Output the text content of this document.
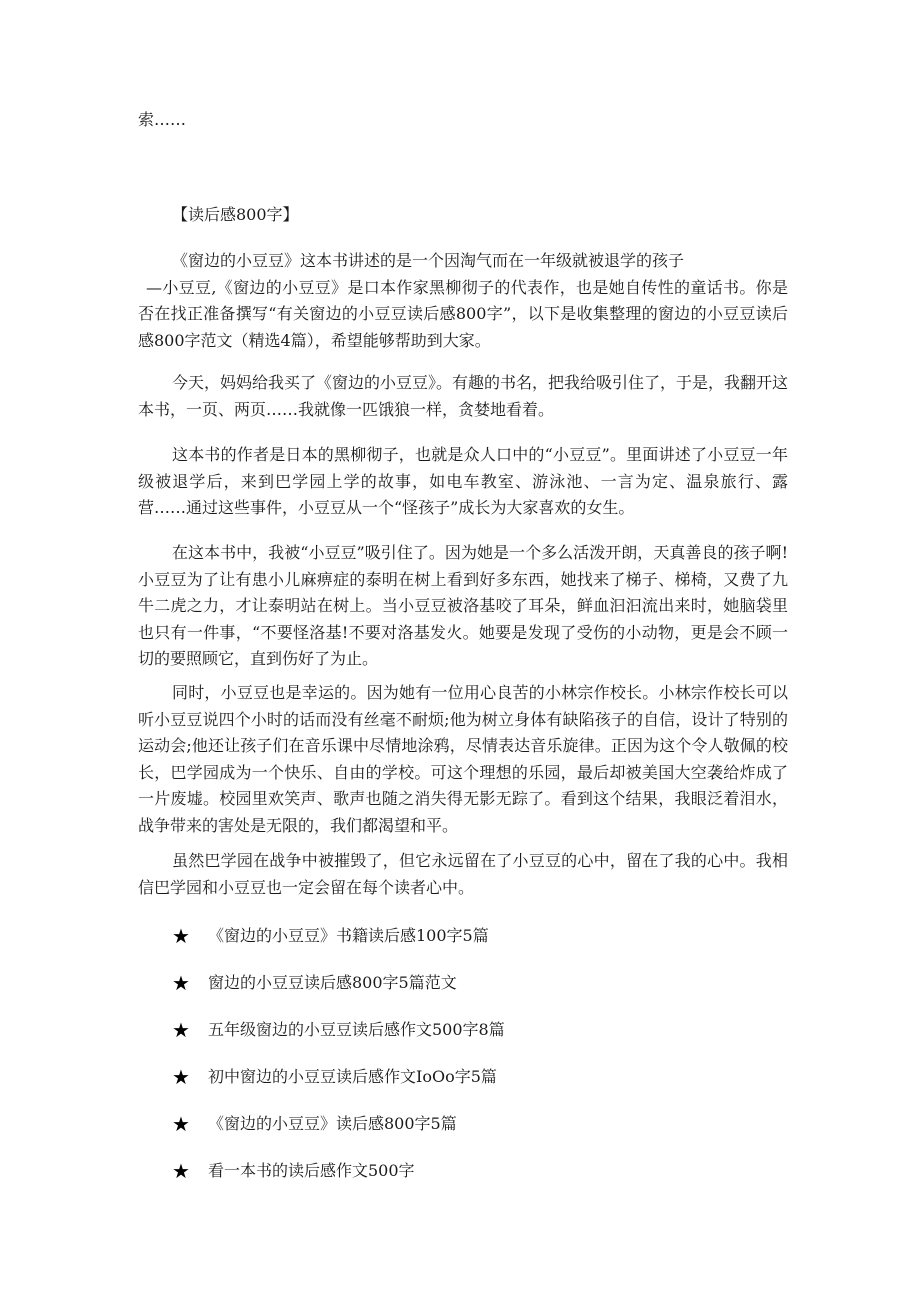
索……
【读后感800字】
《窗边的小豆豆》这本书讲述的是一个因淘气而在一年级就被退学的孩子
—小豆豆,《窗边的小豆豆》是口本作家黑柳彻子的代表作，也是她自传性的童话书。你是否在找正准备撰写“有关窗边的小豆豆读后感800字”，以下是收集整理的窗边的小豆豆读后感800字范文（精选4篇），希望能够帮助到大家。

今天，妈妈给我买了《窗边的小豆豆》。有趣的书名，把我给吸引住了，于是，我翻开这本书，一页、两页……我就像一匹饿狼一样，贪婪地看着。

这本书的作者是日本的黑柳彻子，也就是众人口中的“小豆豆”。里面讲述了小豆豆一年级被退学后，来到巴学园上学的故事，如电车教室、游泳池、一言为定、温泉旅行、露营……通过这些事件，小豆豆从一个“怪孩子”成长为大家喜欢的女生。

在这本书中，我被“小豆豆”吸引住了。因为她是一个多么活泼开朗，天真善良的孩子啊!小豆豆为了让有患小儿麻痹症的泰明在树上看到好多东西，她找来了梯子、梯椅，又费了九牛二虎之力，才让泰明站在树上。当小豆豆被洛基咬了耳朵，鲜血汩汩流出来时，她脑袋里也只有一件事，“不要怪洛基!不要对洛基发火。她要是发现了受伤的小动物，更是会不顾一切的要照顾它，直到伤好了为止。

同时，小豆豆也是幸运的。因为她有一位用心良苦的小林宗作校长。小林宗作校长可以听小豆豆说四个小时的话而没有丝毫不耐烦;他为树立身体有缺陷孩子的自信，设计了特别的运动会;他还让孩子们在音乐课中尽情地涂鸦，尽情表达音乐旋律。正因为这个令人敬佩的校长，巴学园成为一个快乐、自由的学校。可这个理想的乐园，最后却被美国大空袭给炸成了一片废墟。校园里欢笑声、歌声也随之消失得无影无踪了。看到这个结果，我眼泛着泪水，战争带来的害处是无限的，我们都渴望和平。

虽然巴学园在战争中被摧毁了，但它永远留在了小豆豆的心中，留在了我的心中。我相信巴学园和小豆豆也一定会留在每个读者心中。

★	《窗边的小豆豆》书籍读后感100字5篇
★	窗边的小豆豆读后感800字5篇范文
★	五年级窗边的小豆豆读后感作文500字8篇
★	初中窗边的小豆豆读后感作文IoOo字5篇
★	《窗边的小豆豆》读后感800字5篇
★	看一本书的读后感作文500字
